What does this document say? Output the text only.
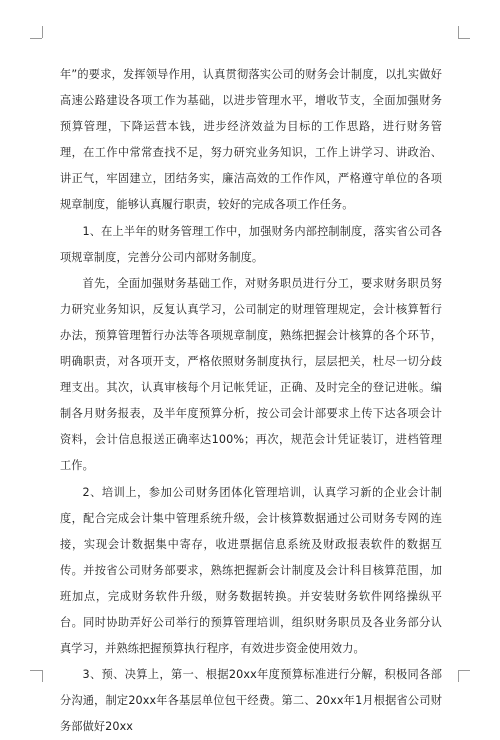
年”的要求，发挥领导作用，认真贯彻落实公司的财务会计制度，以扎实做好高速公路建设各项工作为基础，以进步管理水平，增收节支，全面加强财务预算管理，下降运营本钱，进步经济效益为目标的工作思路，进行财务管理，在工作中常常查找不足，努力研究业务知识，工作上讲学习、讲政治、讲正气，牢固建立，团结务实，廉洁高效的工作作风，严格遵守单位的各项规章制度，能够认真履行职责，较好的完成各项工作任务。

1、在上半年的财务管理工作中，加强财务内部控制制度，落实省公司各项规章制度，完善分公司内部财务制度。

首先，全面加强财务基础工作，对财务职员进行分工，要求财务职员努力研究业务知识，反复认真学习，公司制定的财理管理规定，会计核算暂行办法，预算管理暂行办法等各项规章制度，熟练把握会计核算的各个环节，明确职责，对各项开支，严格依照财务制度执行，层层把关，杜尽一切分歧理支出。其次，认真审核每个月记帐凭证，正确、及时完全的登记进帐。编制各月财务报表，及半年度预算分析，按公司会计部要求上传下达各项会计资料，会计信息报送正确率达100%；再次，规范会计凭证装订，进档管理工作。

2、培训上，参加公司财务团体化管理培训，认真学习新的企业会计制度，配合完成会计集中管理系统升级，会计核算数据通过公司财务专网的连接，实现会计数据集中寄存，收进票据信息系统及财政报表软件的数据互传。并按省公司财务部要求，熟练把握新会计制度及会计科目核算范围，加班加点，完成财务软件升级，财务数据转换。并安装财务软件网络操纵平台。同时协助弄好公司举行的预算管理培训，组织财务职员及各业务部分认真学习，并熟练把握预算执行程序，有效进步资金使用效力。

3、预、决算上，第一、根据20xx年度预算标准进行分解，积极同各部分沟通，制定20xx年各基层单位包干经费。第二、20xx年1月根据省公司财务部做好20xx
